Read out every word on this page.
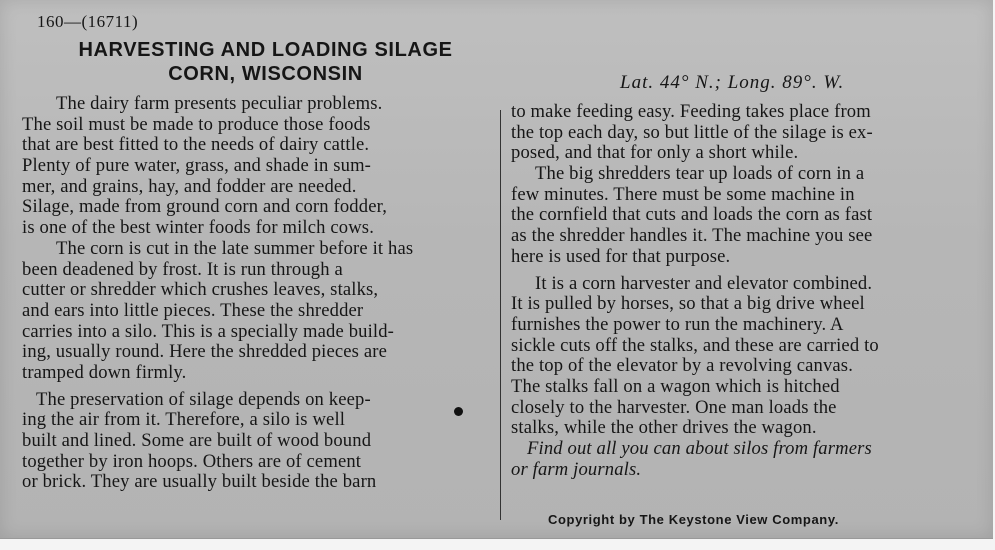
160—(16711)
HARVESTING AND LOADING SILAGE
CORN, WISCONSIN	Lat. 44° N.; Long. 89°. W.
The dairy farm presents peculiar problems.
The soil must be made to produce those foods
that are best fitted to the needs of dairy cattle.
Plenty of pure water, grass, and shade in sum-
mer, and grains, hay, and fodder are needed.
Silage, made from ground corn and corn fodder,
is one of the best winter foods for milch cows.
The corn is cut in the late summer before it has
been deadened by frost. It is run through a
cutter or shredder which crushes leaves, stalks,
and ears into little pieces. These the shredder
carries into a silo. This is a specially made build-
ing, usually round. Here the shredded pieces are
tramped down firmly.
The preservation of silage depends on keep-
ing the air from it. Therefore, a silo is well
built and lined. Some are built of wood bound
together by iron hoops. Others are of cement
or brick. They are usually built beside the barn
to make feeding easy. Feeding takes place from
the top each day, so but little of the silage is ex-
posed, and that for only a short while.
The big shredders tear up loads of corn in a
few minutes. There must be some machine in
the cornfield that cuts and loads the corn as fast
as the shredder handles it. The machine you see
here is used for that purpose.
It is a corn harvester and elevator combined.
It is pulled by horses, so that a big drive wheel
furnishes the power to run the machinery. A
sickle cuts off the stalks, and these are carried to
the top of the elevator by a revolving canvas.
The stalks fall on a wagon which is hitched
closely to the harvester. One man loads the
stalks, while the other drives the wagon.
Find out all you can about silos from farmers
or farm journals.
Copyright by The Keystone View Company.
